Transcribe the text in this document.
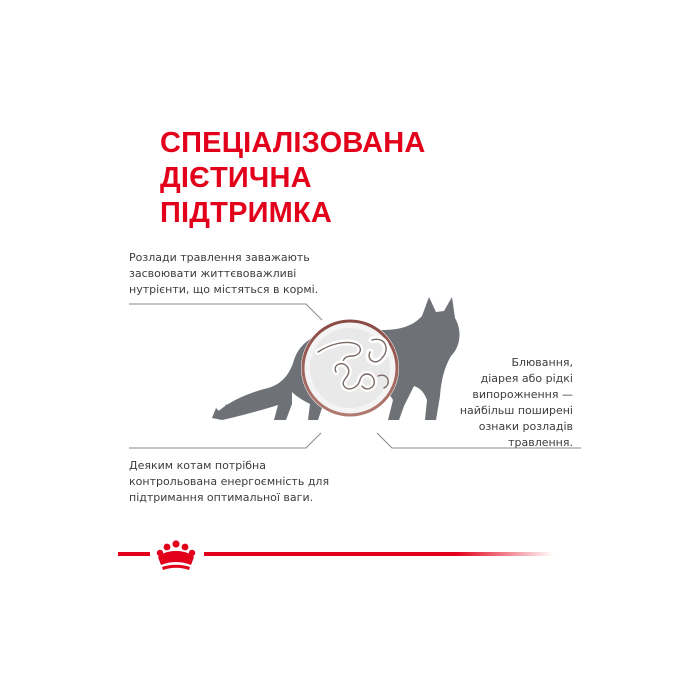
СПЕЦІАЛІЗОВАНА ДІЄТИЧНА
ПІДТРИМКА

Розлади травлення заважають
засвоювати життєвоважливі
нутрієнти, що містяться в кормі.

Блювання,
діарея або рідкі
випорожнення —
найбільш поширені
ознаки розладів
травлення.

Деяким котам потрібна
контрольована енергоємність для
підтримання оптимальної ваги.
